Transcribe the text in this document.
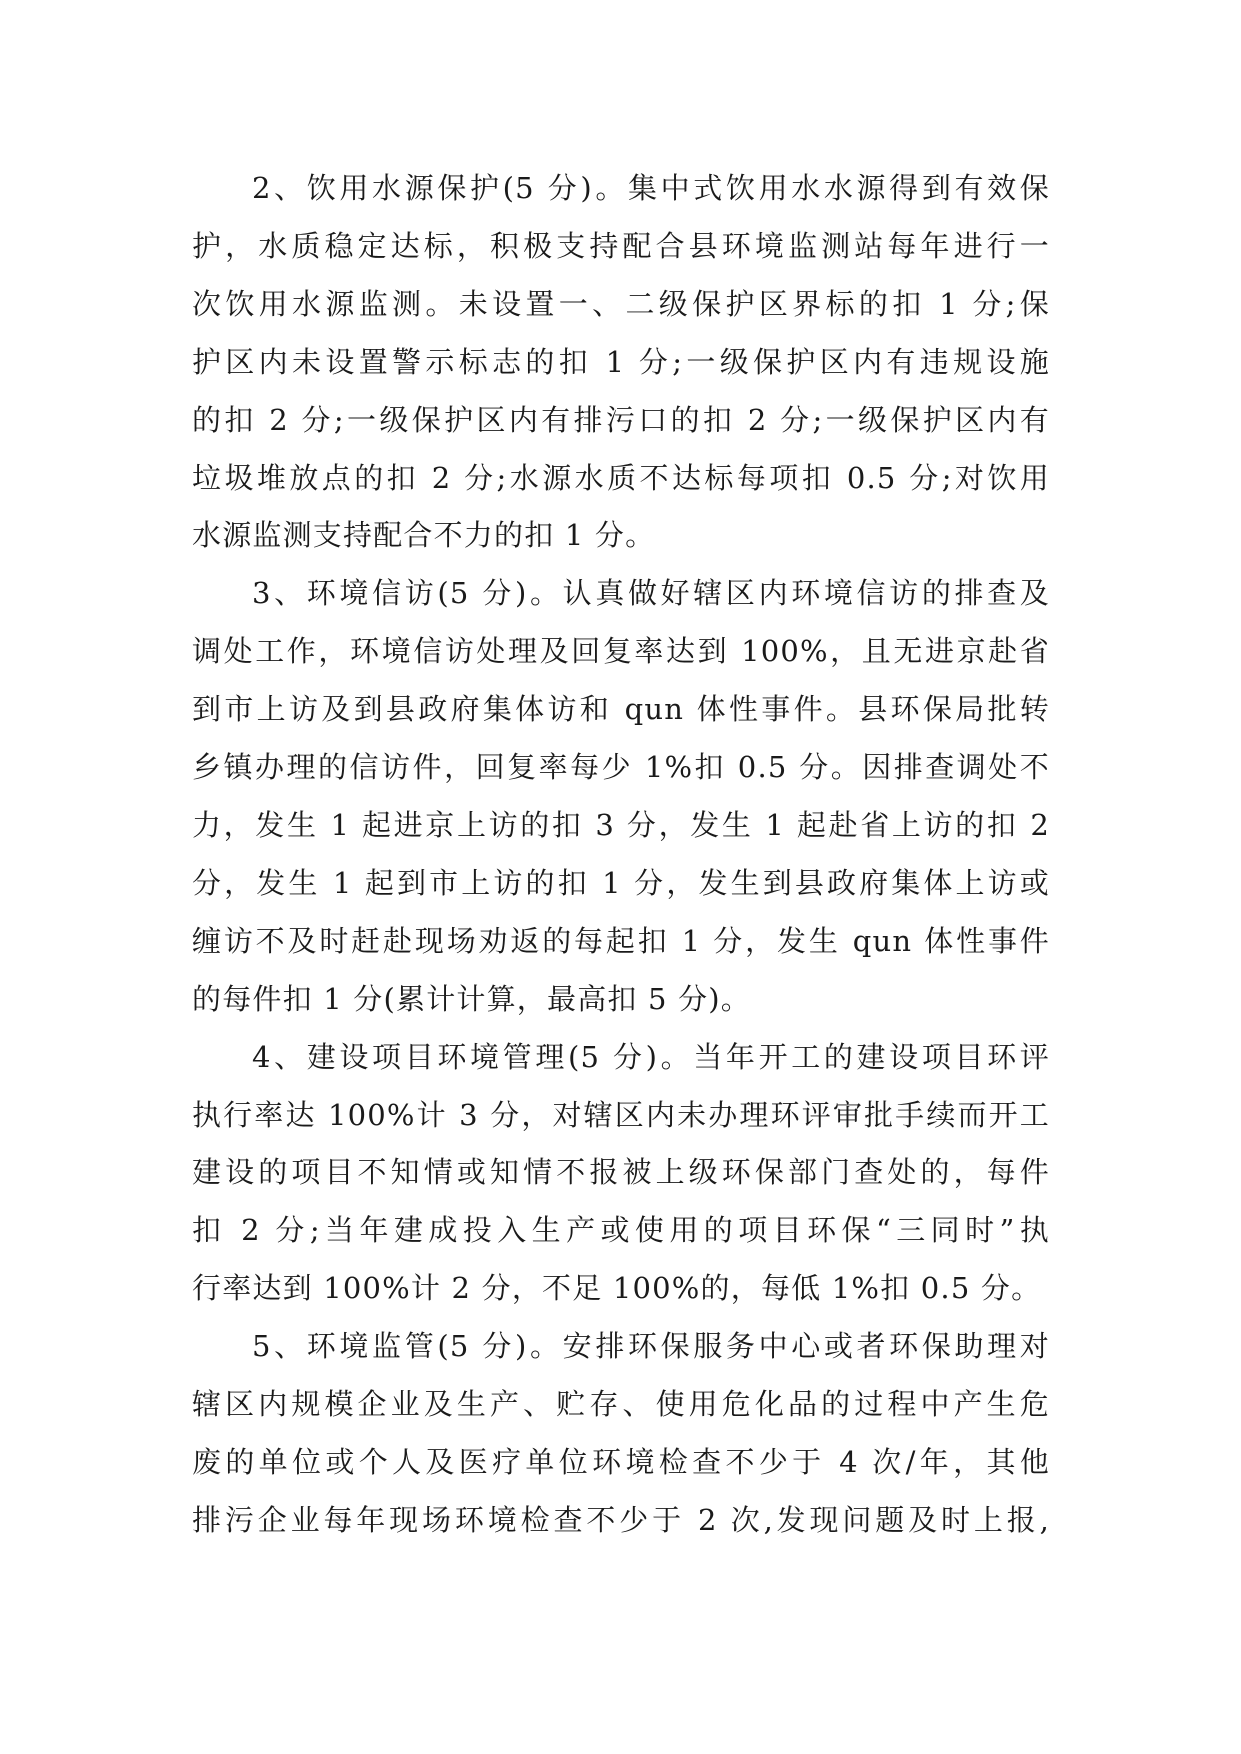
2、饮用水源保护(5 分)。集中式饮用水水源得到有效保
护，水质稳定达标，积极支持配合县环境监测站每年进行一
次饮用水源监测。未设置一、二级保护区界标的扣 1 分;保
护区内未设置警示标志的扣 1 分;一级保护区内有违规设施
的扣 2 分;一级保护区内有排污口的扣 2 分;一级保护区内有
垃圾堆放点的扣 2 分;水源水质不达标每项扣 0.5 分;对饮用
水源监测支持配合不力的扣 1 分。

3、环境信访(5 分)。认真做好辖区内环境信访的排查及
调处工作，环境信访处理及回复率达到 100%，且无进京赴省
到市上访及到县政府集体访和 qun 体性事件。县环保局批转
乡镇办理的信访件，回复率每少 1%扣 0.5 分。因排查调处不
力，发生 1 起进京上访的扣 3 分，发生 1 起赴省上访的扣 2
分，发生 1 起到市上访的扣 1 分，发生到县政府集体上访或
缠访不及时赶赴现场劝返的每起扣 1 分，发生 qun 体性事件
的每件扣 1 分(累计计算，最高扣 5 分)。

4、建设项目环境管理(5 分)。当年开工的建设项目环评
执行率达 100%计 3 分，对辖区内未办理环评审批手续而开工
建设的项目不知情或知情不报被上级环保部门查处的，每件
扣 2 分;当年建成投入生产或使用的项目环保“三同时”执
行率达到 100%计 2 分，不足 100%的，每低 1%扣 0.5 分。

5、环境监管(5 分)。安排环保服务中心或者环保助理对
辖区内规模企业及生产、贮存、使用危化品的过程中产生危
废的单位或个人及医疗单位环境检查不少于 4 次/年，其他
排污企业每年现场环境检查不少于 2 次,发现问题及时上报,
